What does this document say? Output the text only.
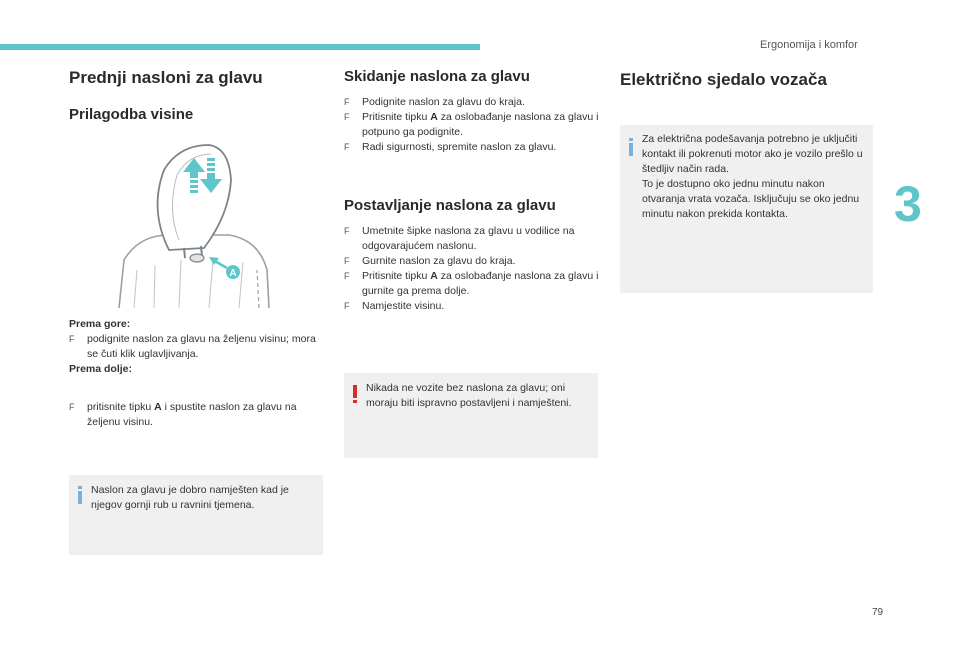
Ergonomija i komfor
3
79
Prednji nasloni za glavu
Prilagodba visine
A
Prema gore:
F podignite naslon za glavu na željenu visinu; mora se čuti klik uglavljivanja.
Prema dolje:
F pritisnite tipku A i spustite naslon za glavu na željenu visinu.
Naslon za glavu je dobro namješten kad je njegov gornji rub u ravnini tjemena.
Skidanje naslona za glavu
F Podignite naslon za glavu do kraja.
F Pritisnite tipku A za oslobađanje naslona za glavu i potpuno ga podignite.
F Radi sigurnosti, spremite naslon za glavu.
Postavljanje naslona za glavu
F Umetnite šipke naslona za glavu u vodilice na odgovarajućem naslonu.
F Gurnite naslon za glavu do kraja.
F Pritisnite tipku A za oslobađanje naslona za glavu i gurnite ga prema dolje.
F Namjestite visinu.
Nikada ne vozite bez naslona za glavu; oni moraju biti ispravno postavljeni i namješteni.
Električno sjedalo vozača
Za električna podešavanja potrebno je uključiti kontakt ili pokrenuti motor ako je vozilo prešlo u štedljiv način rada.
To je dostupno oko jednu minutu nakon otvaranja vrata vozača. Isključuju se oko jednu minutu nakon prekida kontakta.
